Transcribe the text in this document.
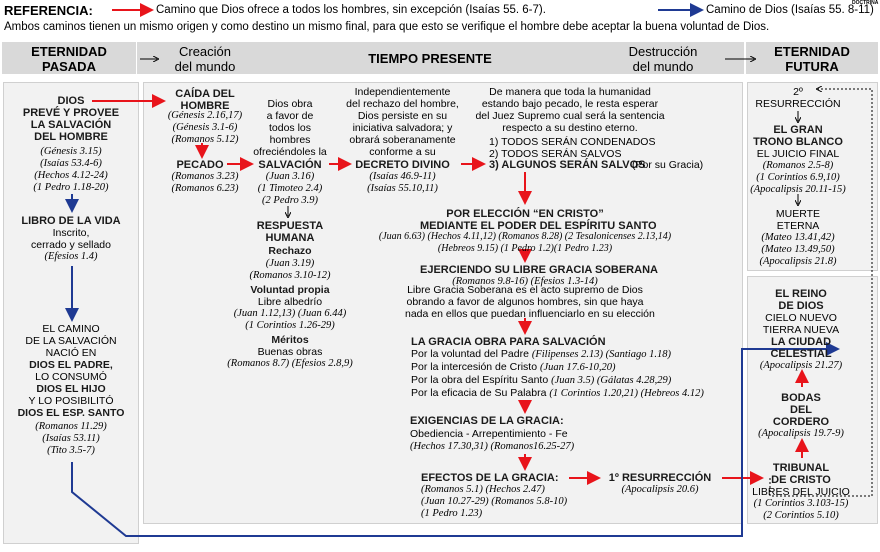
REFERENCIA:	Camino que Dios ofrece a todos los hombres, sin excepción (Isaías 55. 6-7).	Camino de Dios (Isaías 55. 8-11)
DOCTRINA
Ambos caminos tienen un mismo origen y como destino un mismo final, para que esto se verifique el hombre debe aceptar la buena voluntad de Dios.
ETERNIDAD
PASADA
Creación
del mundo
TIEMPO PRESENTE	Destrucción
del mundo
ETERNIDAD
FUTURA
DIOS
PREVÉ Y PROVEE
LA SALVACIÓN
DEL HOMBRE
(Génesis 3.15)
(Isaías 53.4-6)
(Hechos 4.12-24)
(1 Pedro 1.18-20)
LIBRO DE LA VIDA
Inscrito,
cerrado y sellado
(Efesios 1.4)
EL CAMINO
DE LA SALVACIÓN
NACIÓ EN
DIOS EL PADRE,
LO CONSUMÓ
DIOS EL HIJO
Y LO POSIBILITÓ
DIOS EL ESP. SANTO
(Romanos 11.29)
(Isaías 53.11)
(Tito 3.5-7)
CAÍDA DEL
HOMBRE
(Génesis 2.16,17)
(Génesis 3.1-6)
(Romanos 5.12)
PECADO
(Romanos 3.23)
(Romanos 6.23)
Dios obra
a favor de
todos los
hombres
ofreciéndoles la
SALVACIÓN
(Juan 3.16)
(1 Timoteo 2.4)
(2 Pedro 3.9)
RESPUESTA
HUMANA
Rechazo
(Juan 3.19)
(Romanos 3.10-12)
Voluntad propia
Libre albedrío
(Juan 1.12,13) (Juan 6.44)
(1 Corintios 1.26-29)
Méritos
Buenas obras
(Romanos 8.7) (Efesios 2.8,9)
Independientemente
del rechazo del hombre,
Dios persiste en su
iniciativa salvadora; y
obrará soberanamente
conforme a su
DECRETO DIVINO
(Isaías 46.9-11)
(Isaías 55.10,11)
De manera que toda la humanidad
estando bajo pecado, le resta esperar
del Juez Supremo cual será la sentencia
respecto a su destino eterno.
1) TODOS SERÁN CONDENADOS
2) TODOS SERÁN SALVOS
3) ALGUNOS SERÁN SALVOS
(Por su Gracia)
POR ELECCIÓN “EN CRISTO”
MEDIANTE EL PODER DEL ESPÍRITU SANTO
(Juan 6.63) (Hechos 4.11,12) (Romanos 8.28) (2 Tesalonicenses 2.13,14)
(Hebreos 9.15) (1 Pedro 1.2)(1 Pedro 1.23)
EJERCIENDO SU LIBRE GRACIA SOBERANA
(Romanos 9.8-16) (Efesios 1.3-14)
Libre Gracia Soberana es el acto supremo de Dios
obrando a favor de algunos hombres, sin que haya
nada en ellos que puedan influenciarlo en su elección
LA GRACIA OBRA PARA SALVACIÓN
Por la voluntad del Padre (Filipenses 2.13) (Santiago 1.18)
Por la intercesión de Cristo (Juan 17.6-10,20)
Por la obra del Espíritu Santo (Juan 3.5) (Gálatas 4.28,29)
Por la eficacia de Su Palabra (1 Corintios 1.20,21) (Hebreos 4.12)
EXIGENCIAS DE LA GRACIA:
Obediencia - Arrepentimiento - Fe
(Hechos 17.30,31) (Romanos16.25-27)
EFECTOS DE LA GRACIA:
(Romanos 5.1) (Hechos 2.47)
(Juan 10.27-29) (Romanos 5.8-10)
(1 Pedro 1.23)
1º RESURRECCIÓN
(Apocalipsis 20.6)
2º
RESURRECCIÓN
EL GRAN
TRONO BLANCO
EL JUICIO FINAL
(Romanos 2.5-8)
(1 Corintios 6.9,10)
(Apocalipsis 20.11-15)
MUERTE
ETERNA
(Mateo 13.41,42)
(Mateo 13.49,50)
(Apocalipsis 21.8)
EL REINO
DE DIOS
CIELO NUEVO
TIERRA NUEVA
LA CIUDAD
CELESTIAL
(Apocalipsis 21.27)
BODAS
DEL
CORDERO
(Apocalipsis 19.7-9)
TRIBUNAL
DE CRISTO
LIBRES DEL JUICIO
(1 Corintios 3.103-15)
(2 Corintios 5.10)
